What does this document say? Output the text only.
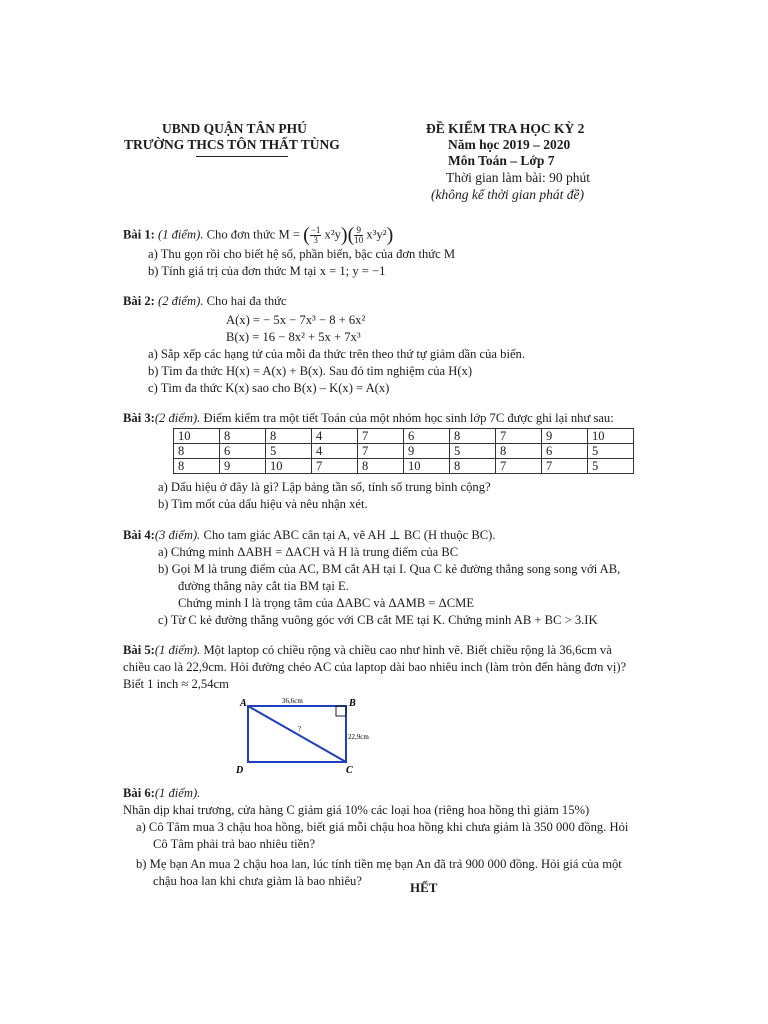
UBND QUẬN TÂN PHÚ
TRƯỜNG THCS TÔN THẤT TÙNG
ĐỀ KIỂM TRA HỌC KỲ 2
Năm học 2019 – 2020
Môn Toán – Lớp 7
Thời gian làm bài: 90 phút
(không kể thời gian phát đề)
Bài 1: (1 điểm). Cho đơn thức M = ( $\frac{-1}{3} x^2y)( \frac{9}{10} x^3y^2)$
a) Thu gọn rồi cho biết hệ số, phần biến, bậc của đơn thức M
b) Tính giá trị của đơn thức M tại x = 1; y = −1
Bài 2: (2 điểm). Cho hai đa thức
A(x) = − 5x − 7x³ − 8 + 6x²
B(x) = 16 − 8x² + 5x + 7x³
a) Sắp xếp các hạng tử của mỗi đa thức trên theo thứ tự giảm dần của biến.
b) Tìm đa thức H(x) = A(x) + B(x). Sau đó tìm nghiệm của H(x)
c) Tìm đa thức K(x) sao cho B(x) – K(x) = A(x)
Bài 3:(2 điểm). Điểm kiểm tra một tiết Toán của một nhóm học sinh lớp 7C được ghi lại như sau:
10	8	8	4	7	6	8	7	9	10
8	6	5	4	7	9	5	8	6	5
8	9	10	7	8	10	8	7	7	5
a) Dấu hiệu ở đây là gì? Lập bảng tần số, tính số trung bình cộng?
b) Tìm mốt của dấu hiệu và nêu nhận xét.
Bài 4:(3 điểm). Cho tam giác ABC cân tại A, vẽ AH ⊥ BC (H thuộc BC).
a) Chứng minh ΔABH = ΔACH và H là trung điểm của BC
b) Gọi M là trung điểm của AC, BM cắt AH tại I. Qua C kẻ đường thẳng song song với AB,
đường thẳng này cắt tia BM tại E.
Chứng minh I là trọng tâm của ΔABC và ΔAMB = ΔCME
c) Từ C kẻ đường thẳng vuông góc với CB cắt ME tại K. Chứng minh AB + BC > 3.IK
Bài 5:(1 điểm). Một laptop có chiều rộng và chiều cao như hình vẽ. Biết chiều rộng là 36,6cm và
chiều cao là 22,9cm. Hỏi đường chéo AC của laptop dài bao nhiêu inch (làm tròn đến hàng đơn vị)?
Biết 1 inch ≈ 2,54cm
A	B
C
D
36,6cm
22,9cm
?
Bài 6:(1 điểm).
Nhân dịp khai trương, cửa hàng C giảm giá 10% các loại hoa (riêng hoa hồng thì giảm 15%)
a) Cô Tâm mua 3 chậu hoa hồng, biết giá mỗi chậu hoa hồng khi chưa giảm là 350 000 đồng. Hỏi
Cô Tâm phải trả bao nhiêu tiền?
b) Mẹ bạn An mua 2 chậu hoa lan, lúc tính tiền mẹ bạn An đã trả 900 000 đồng. Hỏi giá của một
chậu hoa lan khi chưa giảm là bao nhiêu?	HẾT
